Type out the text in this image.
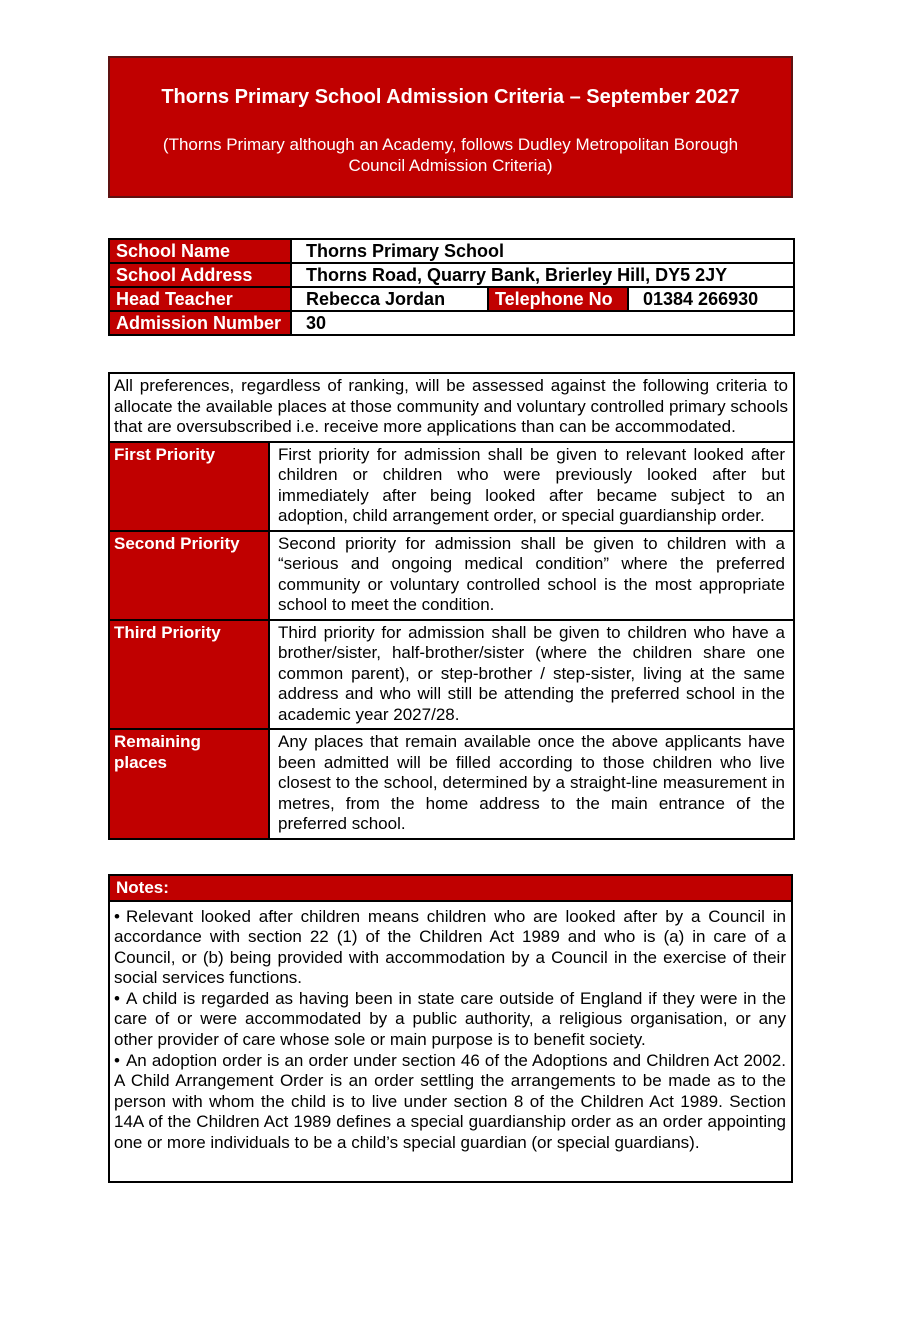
Thorns Primary School Admission Criteria – September 2027
(Thorns Primary although an Academy, follows Dudley Metropolitan Borough Council Admission Criteria)
School Name	Thorns Primary School		
School Address	Thorns Road, Quarry Bank, Brierley Hill, DY5 2JY		
Head Teacher	Rebecca Jordan	Telephone No	01384 266930
Admission Number	30		
All preferences, regardless of ranking, will be assessed against the following criteria to allocate the available places at those community and voluntary controlled primary schools that are oversubscribed i.e. receive more applications than can be accommodated.	
First Priority	First priority for admission shall be given to relevant looked after children or children who were previously looked after but immediately after being looked after became subject to an adoption, child arrangement order, or special guardianship order.
Second Priority	Second priority for admission shall be given to children with a “serious and ongoing medical condition” where the preferred community or voluntary controlled school is the most appropriate school to meet the condition.
Third Priority	Third priority for admission shall be given to children who have a brother/sister, half-brother/sister (where the children share one common parent), or step-brother / step-sister, living at the same address and who will still be attending the preferred school in the academic year 2027/28.
Remaining places	Any places that remain available once the above applicants have been admitted will be filled according to those children who live closest to the school, determined by a straight-line measurement in metres, from the home address to the main entrance of the preferred school.
Notes:

• Relevant looked after children means children who are looked after by a Council in accordance with section 22 (1) of the Children Act 1989 and who is (a) in care of a Council, or (b) being provided with accommodation by a Council in the exercise of their social services functions.

• A child is regarded as having been in state care outside of England if they were in the care of or were accommodated by a public authority, a religious organisation, or any other provider of care whose sole or main purpose is to benefit society.

• An adoption order is an order under section 46 of the Adoptions and Children Act 2002. A Child Arrangement Order is an order settling the arrangements to be made as to the person with whom the child is to live under section 8 of the Children Act 1989. Section 14A of the Children Act 1989 defines a special guardianship order as an order appointing one or more individuals to be a child’s special guardian (or special guardians).
